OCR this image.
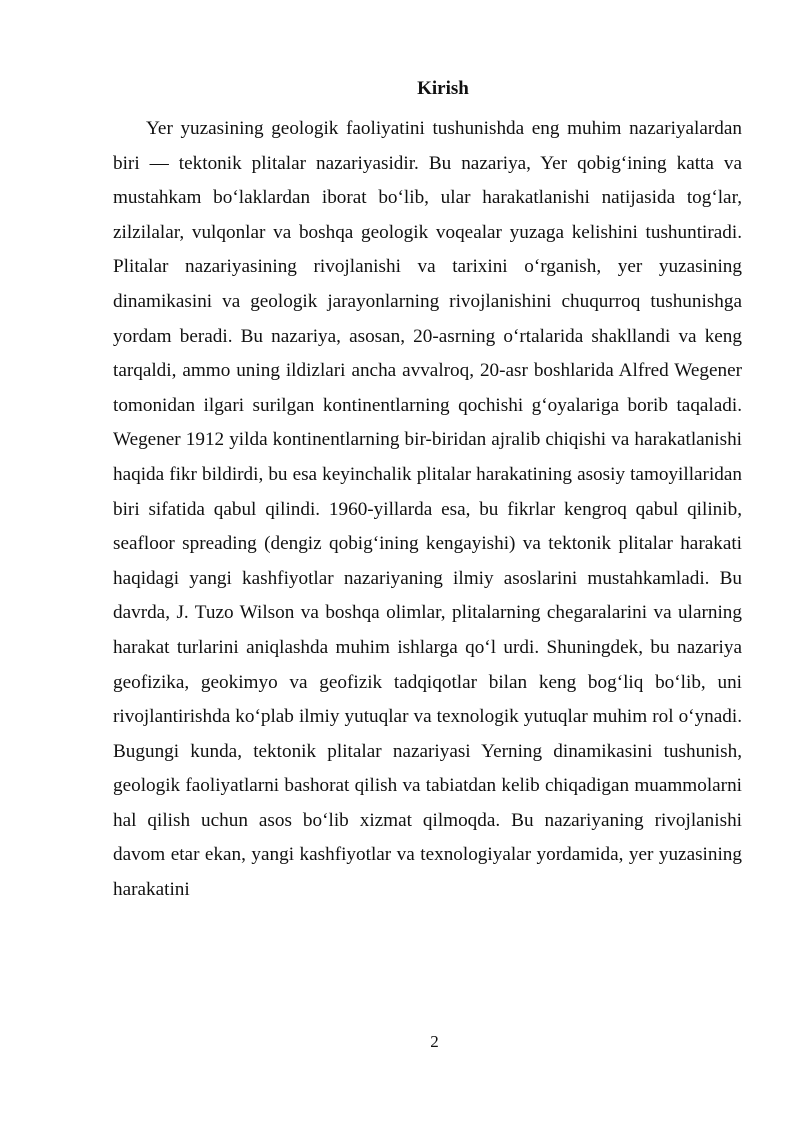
Kirish

Yer yuzasining geologik faoliyatini tushunishda eng muhim nazariyalardan biri — tektonik plitalar nazariyasidir. Bu nazariya, Yer qobig‘ining katta va mustahkam bo‘laklardan iborat bo‘lib, ular harakatlanishi natijasida tog‘lar, zilzilalar, vulqonlar va boshqa geologik voqealar yuzaga kelishini tushuntiradi. Plitalar nazariyasining rivojlanishi va tarixini o‘rganish, yer yuzasining dinamikasini va geologik jarayonlarning rivojlanishini chuqurroq tushunishga yordam beradi. Bu nazariya, asosan, 20-asrning o‘rtalarida shakllandi va keng tarqaldi, ammo uning ildizlari ancha avvalroq, 20-asr boshlarida Alfred Wegener tomonidan ilgari surilgan kontinentlarning qochishi g‘oyalariga borib taqaladi. Wegener 1912 yilda kontinentlarning bir-biridan ajralib chiqishi va harakatlanishi haqida fikr bildirdi, bu esa keyinchalik plitalar harakatining asosiy tamoyillaridan biri sifatida qabul qilindi. 1960-yillarda esa, bu fikrlar kengroq qabul qilinib, seafloor spreading (dengiz qobig‘ining kengayishi) va tektonik plitalar harakati haqidagi yangi kashfiyotlar nazariyaning ilmiy asoslarini mustahkamladi. Bu davrda, J. Tuzo Wilson va boshqa olimlar, plitalarning chegaralarini va ularning harakat turlarini aniqlashda muhim ishlarga qo‘l urdi. Shuningdek, bu nazariya geofizika, geokimyo va geofizik tadqiqotlar bilan keng bog‘liq bo‘lib, uni rivojlantirishda ko‘plab ilmiy yutuqlar va texnologik yutuqlar muhim rol o‘ynadi. Bugungi kunda, tektonik plitalar nazariyasi Yerning dinamikasini tushunish, geologik faoliyatlarni bashorat qilish va tabiatdan kelib chiqadigan muammolarni hal qilish uchun asos bo‘lib xizmat qilmoqda. Bu nazariyaning rivojlanishi davom etar ekan, yangi kashfiyotlar va texnologiyalar yordamida, yer yuzasining harakatini

2
